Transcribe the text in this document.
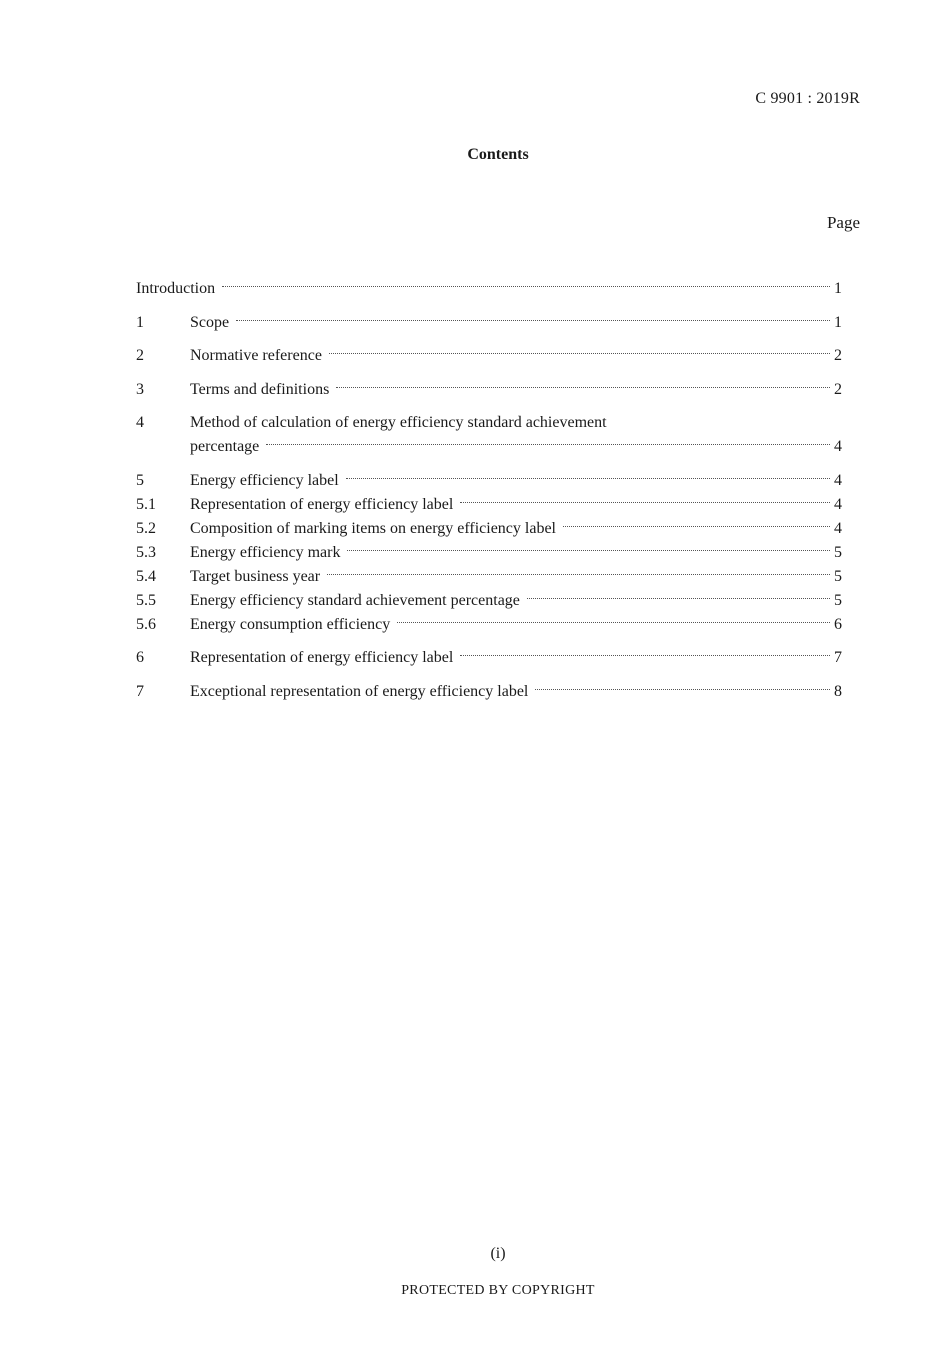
C 9901 : 2019R
Contents
Page
Introduction	1
1	Scope	1
2	Normative reference	2
3	Terms and definitions	2
4	Method of calculation of energy efficiency standard achievement
percentage	4
5	Energy efficiency label	4
5.1 Representation of energy efficiency label	4
5.2 Composition of marking items on energy efficiency label	4
5.3 Energy efficiency mark	5
5.4 Target business year	5
5.5 Energy efficiency standard achievement percentage	5
5.6 Energy consumption efficiency	6
6	Representation of energy efficiency label	7
7	Exceptional representation of energy efficiency label	8
(i)
PROTECTED BY COPYRIGHT
